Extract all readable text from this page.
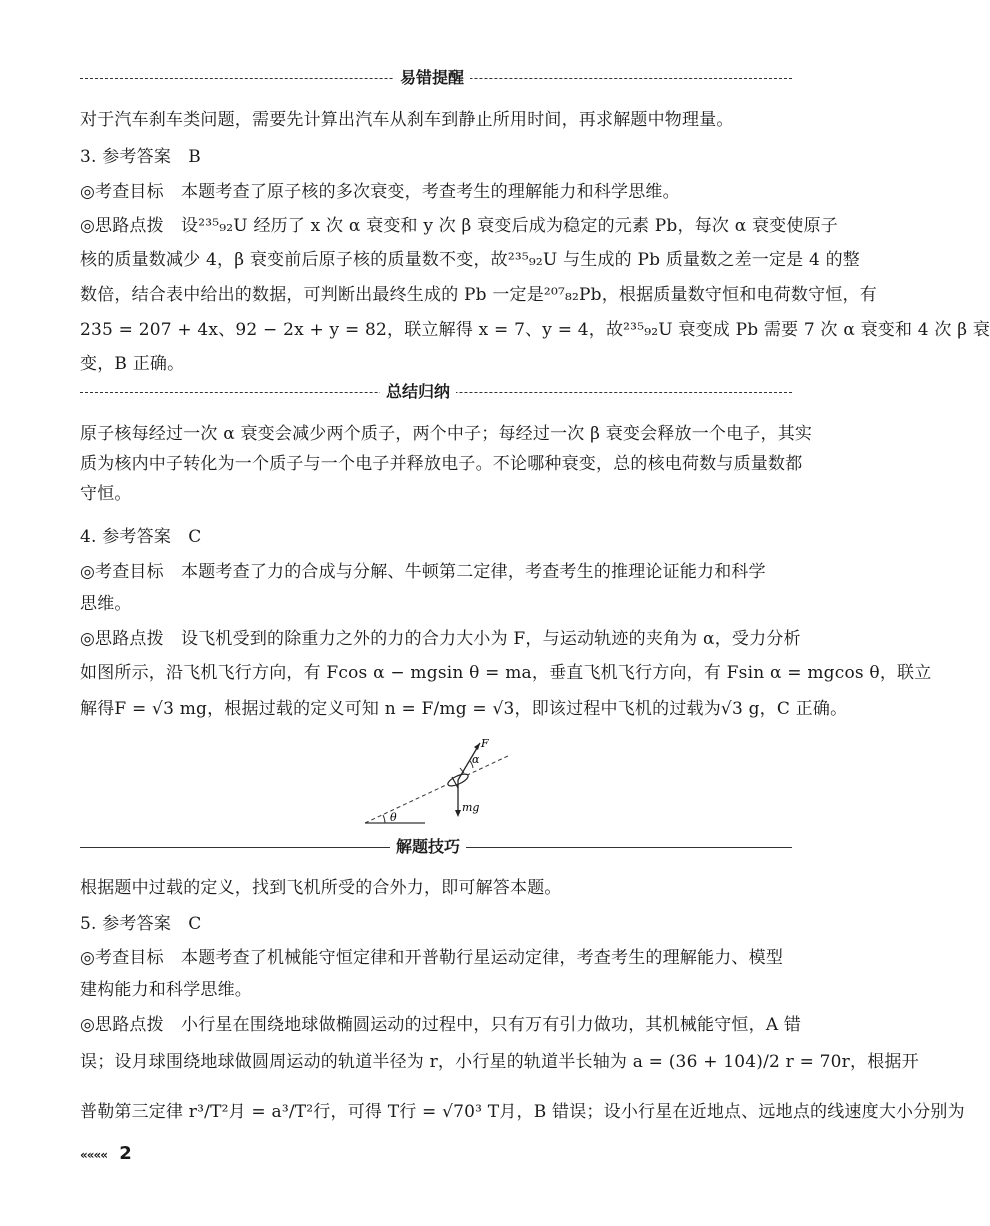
易错提醒
对于汽车刹车类问题，需要先计算出汽车从刹车到静止所用时间，再求解题中物理量。
3. 参考答案　B
◎考查目标　本题考查了原子核的多次衰变，考查考生的理解能力和科学思维。
◎思路点拨　设²³⁵₉₂U 经历了 x 次 α 衰变和 y 次 β 衰变后成为稳定的元素 Pb，每次 α 衰变使原子
核的质量数减少 4，β 衰变前后原子核的质量数不变，故²³⁵₉₂U 与生成的 Pb 质量数之差一定是 4 的整
数倍，结合表中给出的数据，可判断出最终生成的 Pb 一定是²⁰⁷₈₂Pb，根据质量数守恒和电荷数守恒，有
235 = 207 + 4x、92 − 2x + y = 82，联立解得 x = 7、y = 4，故²³⁵₉₂U 衰变成 Pb 需要 7 次 α 衰变和 4 次 β 衰
变，B 正确。
总结归纳
原子核每经过一次 α 衰变会减少两个质子，两个中子；每经过一次 β 衰变会释放一个电子，其实
质为核内中子转化为一个质子与一个电子并释放电子。不论哪种衰变，总的核电荷数与质量数都
守恒。
4. 参考答案　C
◎考查目标　本题考查了力的合成与分解、牛顿第二定律，考查考生的推理论证能力和科学
思维。
◎思路点拨　设飞机受到的除重力之外的力的合力大小为 F，与运动轨迹的夹角为 α，受力分析
如图所示，沿飞机飞行方向，有 Fcos α − mgsin θ = ma，垂直飞机飞行方向，有 Fsin α = mgcos θ，联立
解得F = √3 mg，根据过载的定义可知 n = F/mg = √3，即该过程中飞机的过载为√3 g，C 正确。
θ
F
α
mg
解题技巧
根据题中过载的定义，找到飞机所受的合外力，即可解答本题。
5. 参考答案　C
◎考查目标　本题考查了机械能守恒定律和开普勒行星运动定律，考查考生的理解能力、模型
建构能力和科学思维。
◎思路点拨　小行星在围绕地球做椭圆运动的过程中，只有万有引力做功，其机械能守恒，A 错
误；设月球围绕地球做圆周运动的轨道半径为 r，小行星的轨道半长轴为 a = (36 + 104)/2 r = 70r，根据开
普勒第三定律 r³/T²月 = a³/T²行，可得 T行 = √70³ T月，B 错误；设小行星在近地点、远地点的线速度大小分别为
«««« 2
